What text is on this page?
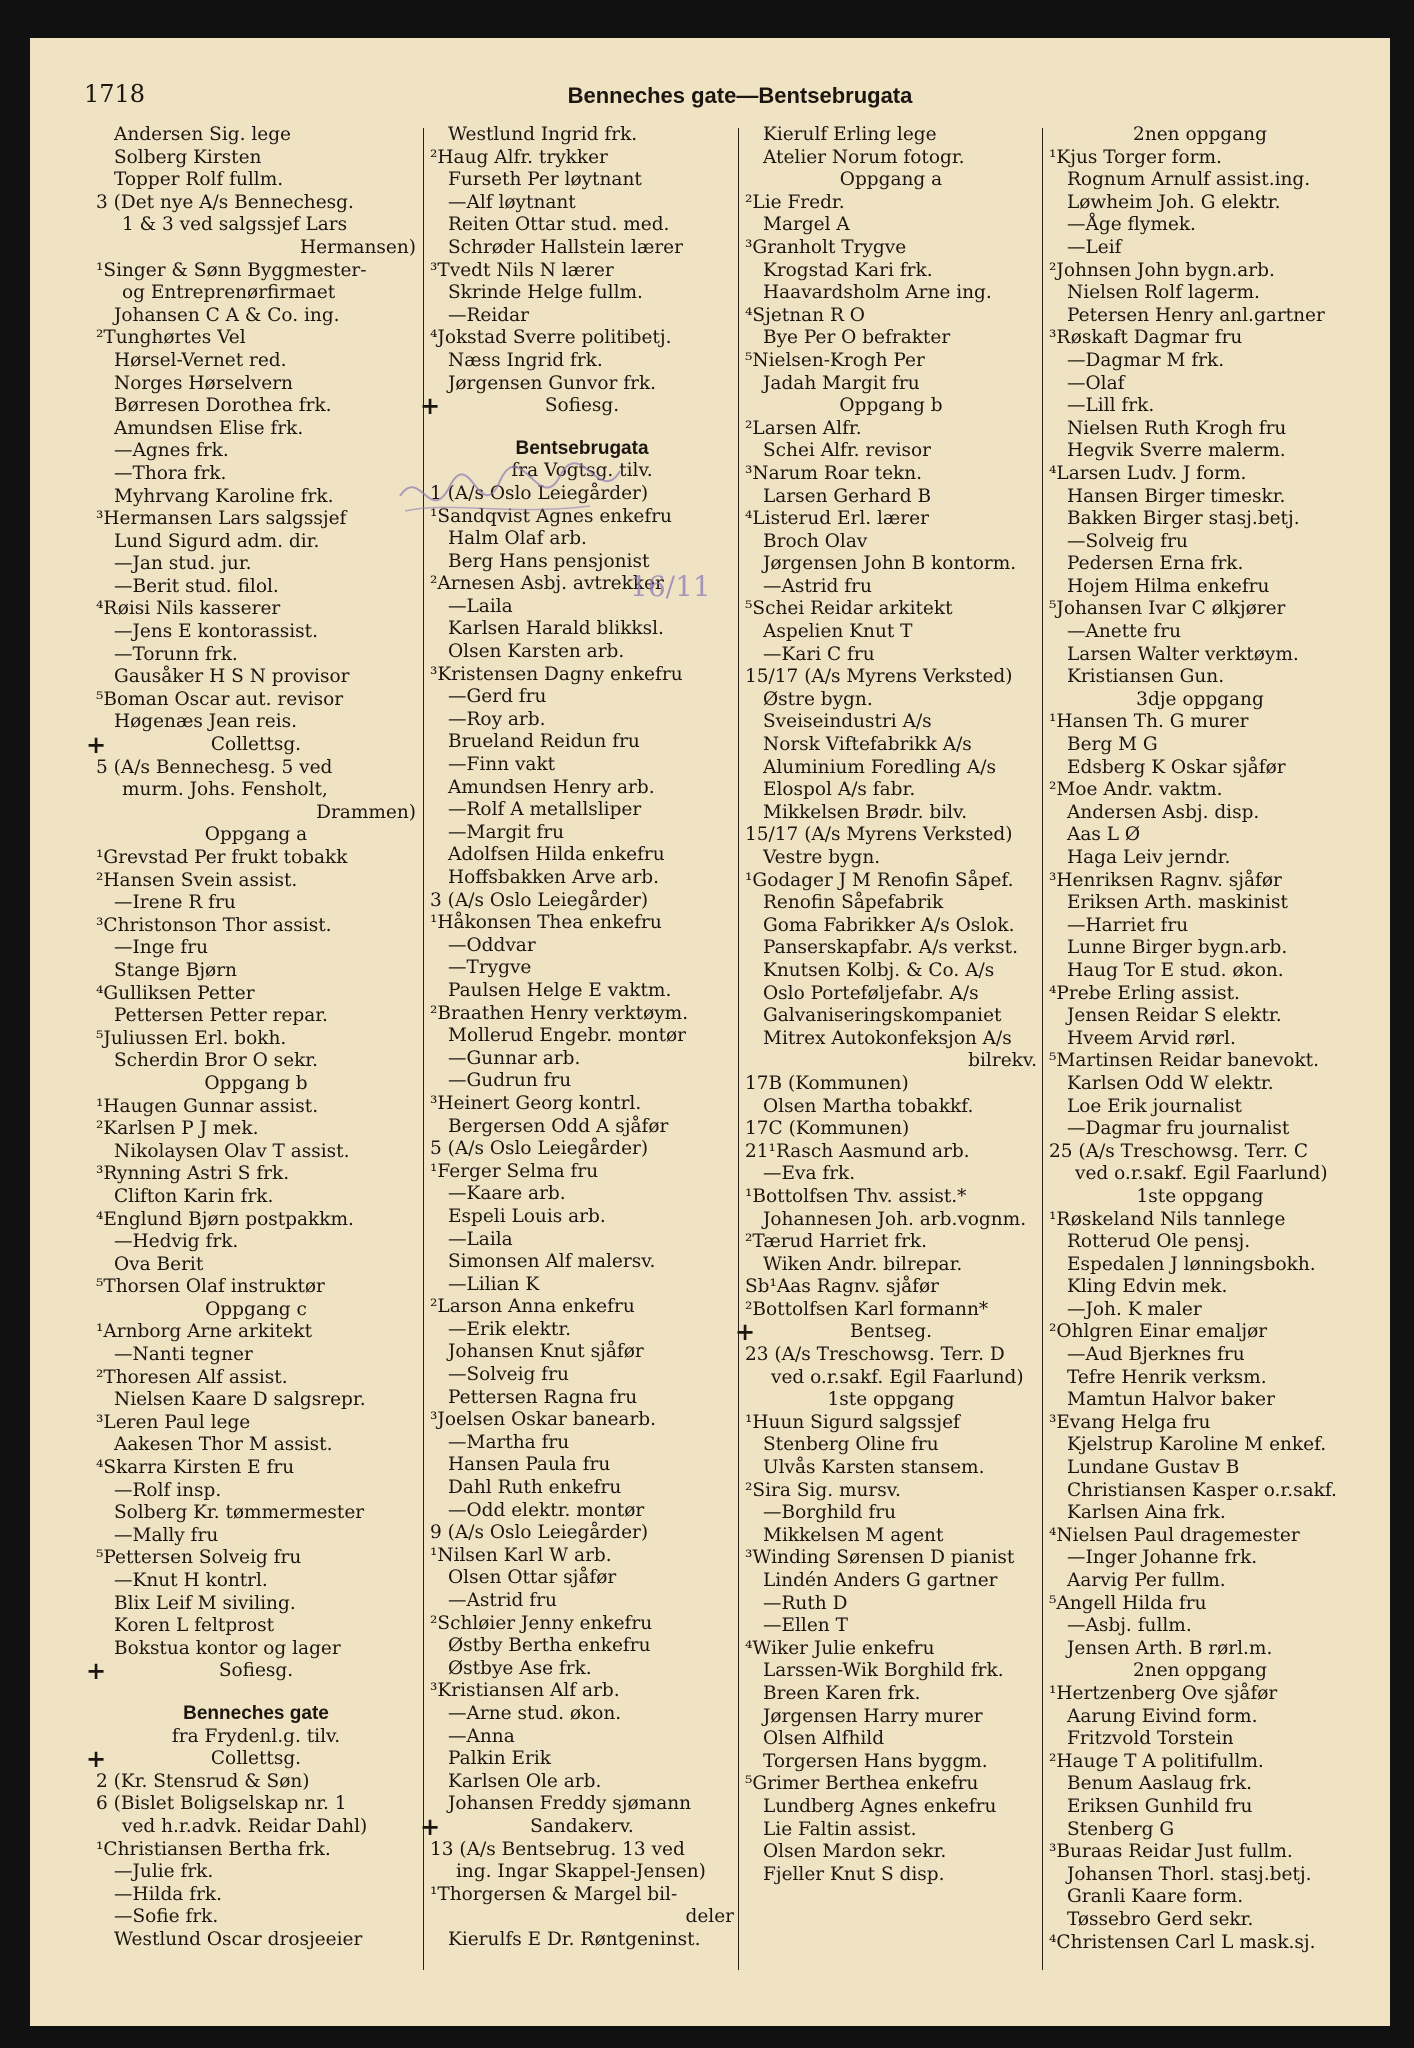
1718	Benneches gate—Bentsebrugata
Andersen Sig. lege
Solberg Kirsten
Topper Rolf fullm.
3 (Det nye A/s Bennechesg.
1 & 3 ved salgssjef Lars
Hermansen)
¹Singer & Sønn Byggmester-
og Entreprenørfirmaet
Johansen C A & Co. ing.
²Tunghørtes Vel
Hørsel-Vernet red.
Norges Hørselvern
Børresen Dorothea frk.
Amundsen Elise frk.
—Agnes frk.
—Thora frk.
Myhrvang Karoline frk.
³Hermansen Lars salgssjef
Lund Sigurd adm. dir.
—Jan stud. jur.
—Berit stud. filol.
⁴Røisi Nils kasserer
—Jens E kontorassist.
—Torunn frk.
Gausåker H S N provisor
⁵Boman Oscar aut. revisor
Høgenæs Jean reis.
+	Collettsg.
5 (A/s Bennechesg. 5 ved
murm. Johs. Fensholt,
Drammen)
Oppgang a
¹Grevstad Per frukt tobakk
²Hansen Svein assist.
—Irene R fru
³Christonson Thor assist.
—Inge fru
Stange Bjørn
⁴Gulliksen Petter
Pettersen Petter repar.
⁵Juliussen Erl. bokh.
Scherdin Bror O sekr.
Oppgang b
¹Haugen Gunnar assist.
²Karlsen P J mek.
Nikolaysen Olav T assist.
³Rynning Astri S frk.
Clifton Karin frk.
⁴Englund Bjørn postpakkm.
—Hedvig frk.
Ova Berit
⁵Thorsen Olaf instruktør
Oppgang c
¹Arnborg Arne arkitekt
—Nanti tegner
²Thoresen Alf assist.
Nielsen Kaare D salgsrepr.
³Leren Paul lege
Aakesen Thor M assist.
⁴Skarra Kirsten E fru
—Rolf insp.
Solberg Kr. tømmermester
—Mally fru
⁵Pettersen Solveig fru
—Knut H kontrl.
Blix Leif M siviling.
Koren L feltprost
Bokstua kontor og lager
+	Sofiesg.
Benneches gate
fra Frydenl.g. tilv.
+	Collettsg.
2 (Kr. Stensrud & Søn)
6 (Bislet Boligselskap nr. 1
ved h.r.advk. Reidar Dahl)
¹Christiansen Bertha frk.
—Julie frk.
—Hilda frk.
—Sofie frk.
Westlund Oscar drosjeeier
Westlund Ingrid frk.
²Haug Alfr. trykker
Furseth Per løytnant
—Alf løytnant
Reiten Ottar stud. med.
Schrøder Hallstein lærer
³Tvedt Nils N lærer
Skrinde Helge fullm.
—Reidar
⁴Jokstad Sverre politibetj.
Næss Ingrid frk.
Jørgensen Gunvor frk.
+	Sofiesg.
Bentsebrugata
fra Vogtsg. tilv.
1 (A/s Oslo Leiegårder)
¹Sandqvist Agnes enkefru
Halm Olaf arb.
Berg Hans pensjonist
²Arnesen Asbj. avtrekker
—Laila
Karlsen Harald blikksl.
Olsen Karsten arb.
³Kristensen Dagny enkefru
—Gerd fru
—Roy arb.
Brueland Reidun fru
—Finn vakt
Amundsen Henry arb.
—Rolf A metallsliper
—Margit fru
Adolfsen Hilda enkefru
Hoffsbakken Arve arb.
3 (A/s Oslo Leiegårder)
¹Håkonsen Thea enkefru
—Oddvar
—Trygve
Paulsen Helge E vaktm.
²Braathen Henry verktøym.
Mollerud Engebr. montør
—Gunnar arb.
—Gudrun fru
³Heinert Georg kontrl.
Bergersen Odd A sjåfør
5 (A/s Oslo Leiegårder)
¹Ferger Selma fru
—Kaare arb.
Espeli Louis arb.
—Laila
Simonsen Alf malersv.
—Lilian K
²Larson Anna enkefru
—Erik elektr.
Johansen Knut sjåfør
—Solveig fru
Pettersen Ragna fru
³Joelsen Oskar banearb.
—Martha fru
Hansen Paula fru
Dahl Ruth enkefru
—Odd elektr. montør
9 (A/s Oslo Leiegårder)
¹Nilsen Karl W arb.
Olsen Ottar sjåfør
—Astrid fru
²Schløier Jenny enkefru
Østby Bertha enkefru
Østbye Ase frk.
³Kristiansen Alf arb.
—Arne stud. økon.
—Anna
Palkin Erik
Karlsen Ole arb.
Johansen Freddy sjømann
+	Sandakerv.
13 (A/s Bentsebrug. 13 ved
ing. Ingar Skappel-Jensen)
¹Thorgersen & Margel bil-
deler
Kierulfs E Dr. Røntgeninst.
Kierulf Erling lege
Atelier Norum fotogr.
Oppgang a
²Lie Fredr.
Margel A
³Granholt Trygve
Krogstad Kari frk.
Haavardsholm Arne ing.
⁴Sjetnan R O
Bye Per O befrakter
⁵Nielsen-Krogh Per
Jadah Margit fru
Oppgang b
²Larsen Alfr.
Schei Alfr. revisor
³Narum Roar tekn.
Larsen Gerhard B
⁴Listerud Erl. lærer
Broch Olav
Jørgensen John B kontorm.
—Astrid fru
⁵Schei Reidar arkitekt
Aspelien Knut T
—Kari C fru
15/17 (A/s Myrens Verksted)
Østre bygn.
Sveiseindustri A/s
Norsk Viftefabrikk A/s
Aluminium Foredling A/s
Elospol A/s fabr.
Mikkelsen Brødr. bilv.
15/17 (A/s Myrens Verksted)
Vestre bygn.
¹Godager J M Renofin Såpef.
Renofin Såpefabrik
Goma Fabrikker A/s Oslok.
Panserskapfabr. A/s verkst.
Knutsen Kolbj. & Co. A/s
Oslo Porteføljefabr. A/s
Galvaniseringskompaniet
Mitrex Autokonfeksjon A/s
bilrekv.
17B (Kommunen)
Olsen Martha tobakkf.
17C (Kommunen)
21¹Rasch Aasmund arb.
—Eva frk.
¹Bottolfsen Thv. assist.*
Johannesen Joh. arb.vognm.
²Tærud Harriet frk.
Wiken Andr. bilrepar.
Sb¹Aas Ragnv. sjåfør
²Bottolfsen Karl formann*
+	Bentseg.
23 (A/s Treschowsg. Terr. D
ved o.r.sakf. Egil Faarlund)
1ste oppgang
¹Huun Sigurd salgssjef
Stenberg Oline fru
Ulvås Karsten stansem.
²Sira Sig. mursv.
—Borghild fru
Mikkelsen M agent
³Winding Sørensen D pianist
Lindén Anders G gartner
—Ruth D
—Ellen T
⁴Wiker Julie enkefru
Larssen-Wik Borghild frk.
Breen Karen frk.
Jørgensen Harry murer
Olsen Alfhild
Torgersen Hans byggm.
⁵Grimer Berthea enkefru
Lundberg Agnes enkefru
Lie Faltin assist.
Olsen Mardon sekr.
Fjeller Knut S disp.
2nen oppgang
¹Kjus Torger form.
Rognum Arnulf assist.ing.
Løwheim Joh. G elektr.
—Åge flymek.
—Leif
²Johnsen John bygn.arb.
Nielsen Rolf lagerm.
Petersen Henry anl.gartner
³Røskaft Dagmar fru
—Dagmar M frk.
—Olaf
—Lill frk.
Nielsen Ruth Krogh fru
Hegvik Sverre malerm.
⁴Larsen Ludv. J form.
Hansen Birger timeskr.
Bakken Birger stasj.betj.
—Solveig fru
Pedersen Erna frk.
Hojem Hilma enkefru
⁵Johansen Ivar C ølkjører
—Anette fru
Larsen Walter verktøym.
Kristiansen Gun.
3dje oppgang
¹Hansen Th. G murer
Berg M G
Edsberg K Oskar sjåfør
²Moe Andr. vaktm.
Andersen Asbj. disp.
Aas L Ø
Haga Leiv jerndr.
³Henriksen Ragnv. sjåfør
Eriksen Arth. maskinist
—Harriet fru
Lunne Birger bygn.arb.
Haug Tor E stud. økon.
⁴Prebe Erling assist.
Jensen Reidar S elektr.
Hveem Arvid rørl.
⁵Martinsen Reidar banevokt.
Karlsen Odd W elektr.
Loe Erik journalist
—Dagmar fru journalist
25 (A/s Treschowsg. Terr. C
ved o.r.sakf. Egil Faarlund)
1ste oppgang
¹Røskeland Nils tannlege
Rotterud Ole pensj.
Espedalen J lønningsbokh.
Kling Edvin mek.
—Joh. K maler
²Ohlgren Einar emaljør
—Aud Bjerknes fru
Tefre Henrik verksm.
Mamtun Halvor baker
³Evang Helga fru
Kjelstrup Karoline M enkef.
Lundane Gustav B
Christiansen Kasper o.r.sakf.
Karlsen Aina frk.
⁴Nielsen Paul dragemester
—Inger Johanne frk.
Aarvig Per fullm.
⁵Angell Hilda fru
—Asbj. fullm.
Jensen Arth. B rørl.m.
2nen oppgang
¹Hertzenberg Ove sjåfør
Aarung Eivind form.
Fritzvold Torstein
²Hauge T A politifullm.
Benum Aaslaug frk.
Eriksen Gunhild fru
Stenberg G
³Buraas Reidar Just fullm.
Johansen Thorl. stasj.betj.
Granli Kaare form.
Tøssebro Gerd sekr.
⁴Christensen Carl L mask.sj.
16/11
